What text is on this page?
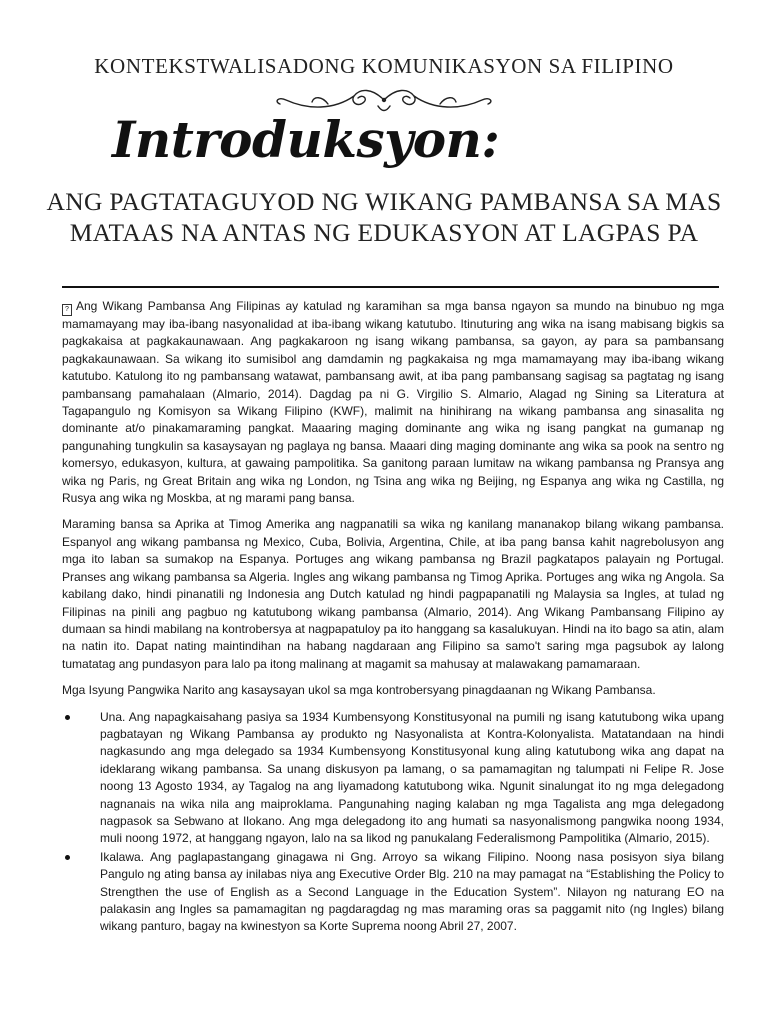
KONTEKSTWALISADONG KOMUNIKASYON SA FILIPINO
Introduksyon:
ANG PAGTATAGUYOD NG WIKANG PAMBANSA SA MAS MATAAS NA ANTAS NG EDUKASYON AT LAGPAS PA

? Ang Wikang Pambansa Ang Filipinas ay katulad ng karamihan sa mga bansa ngayon sa mundo na binubuo ng mga mamamayang may iba-ibang nasyonalidad at iba-ibang wikang katutubo. Itinuturing ang wika na isang mabisang bigkis sa pagkakaisa at pagkakaunawaan. Ang pagkakaroon ng isang wikang pambansa, sa gayon, ay para sa pambansang pagkakaunawaan. Sa wikang ito sumisibol ang damdamin ng pagkakaisa ng mga mamamayang may iba-ibang wikang katutubo. Katulong ito ng pambansang watawat, pambansang awit, at iba pang pambansang sagisag sa pagtatag ng isang pambansang pamahalaan (Almario, 2014). Dagdag pa ni G. Virgilio S. Almario, Alagad ng Sining sa Literatura at Tagapangulo ng Komisyon sa Wikang Filipino (KWF), malimit na hinihirang na wikang pambansa ang sinasalita ng dominante at/o pinakamaraming pangkat. Maaaring maging dominante ang wika ng isang pangkat na gumanap ng pangunahing tungkulin sa kasaysayan ng paglaya ng bansa. Maaari ding maging dominante ang wika sa pook na sentro ng komersyo, edukasyon, kultura, at gawaing pampolitika. Sa ganitong paraan lumitaw na wikang pambansa ng Pransya ang wika ng Paris, ng Great Britain ang wika ng London, ng Tsina ang wika ng Beijing, ng Espanya ang wika ng Castilla, ng Rusya ang wika ng Moskba, at ng marami pang bansa.

Maraming bansa sa Aprika at Timog Amerika ang nagpanatili sa wika ng kanilang mananakop bilang wikang pambansa. Espanyol ang wikang pambansa ng Mexico, Cuba, Bolivia, Argentina, Chile, at iba pang bansa kahit nagrebolusyon ang mga ito laban sa sumakop na Espanya. Portuges ang wikang pambansa ng Brazil pagkatapos palayain ng Portugal. Pranses ang wikang pambansa sa Algeria. Ingles ang wikang pambansa ng Timog Aprika. Portuges ang wika ng Angola. Sa kabilang dako, hindi pinanatili ng Indonesia ang Dutch katulad ng hindi pagpapanatili ng Malaysia sa Ingles, at tulad ng Filipinas na pinili ang pagbuo ng katutubong wikang pambansa (Almario, 2014). Ang Wikang Pambansang Filipino ay dumaan sa hindi mabilang na kontrobersya at nagpapatuloy pa ito hanggang sa kasalukuyan. Hindi na ito bago sa atin, alam na natin ito. Dapat nating maintindihan na habang nagdaraan ang Filipino sa samo't saring mga pagsubok ay lalong tumatatag ang pundasyon para lalo pa itong malinang at magamit sa mahusay at malawakang pamamaraan.

Mga Isyung Pangwika Narito ang kasaysayan ukol sa mga kontrobersyang pinagdaanan ng Wikang Pambansa.

Una. Ang napagkaisahang pasiya sa 1934 Kumbensyong Konstitusyonal na pumili ng isang katutubong wika upang pagbatayan ng Wikang Pambansa ay produkto ng Nasyonalista at Kontra-Kolonyalista. Matatandaan na hindi nagkasundo ang mga delegado sa 1934 Kumbensyong Konstitusyonal kung aling katutubong wika ang dapat na ideklarang wikang pambansa. Sa unang diskusyon pa lamang, o sa pamamagitan ng talumpati ni Felipe R. Jose noong 13 Agosto 1934, ay Tagalog na ang liyamadong katutubong wika. Ngunit sinalungat ito ng mga delegadong nagnanais na wika nila ang maiproklama. Pangunahing naging kalaban ng mga Tagalista ang mga delegadong nagpasok sa Sebwano at Ilokano. Ang mga delegadong ito ang humati sa nasyonalismong pangwika noong 1934, muli noong 1972, at hanggang ngayon, lalo na sa likod ng panukalang Federalismong Pampolitika (Almario, 2015).
Ikalawa. Ang paglapastangang ginagawa ni Gng. Arroyo sa wikang Filipino. Noong nasa posisyon siya bilang Pangulo ng ating bansa ay inilabas niya ang Executive Order Blg. 210 na may pamagat na “Establishing the Policy to Strengthen the use of English as a Second Language in the Education System”. Nilayon ng naturang EO na palakasin ang Ingles sa pamamagitan ng pagdaragdag ng mas maraming oras sa paggamit nito (ng Ingles) bilang wikang panturo, bagay na kwinestyon sa Korte Suprema noong Abril 27, 2007.
